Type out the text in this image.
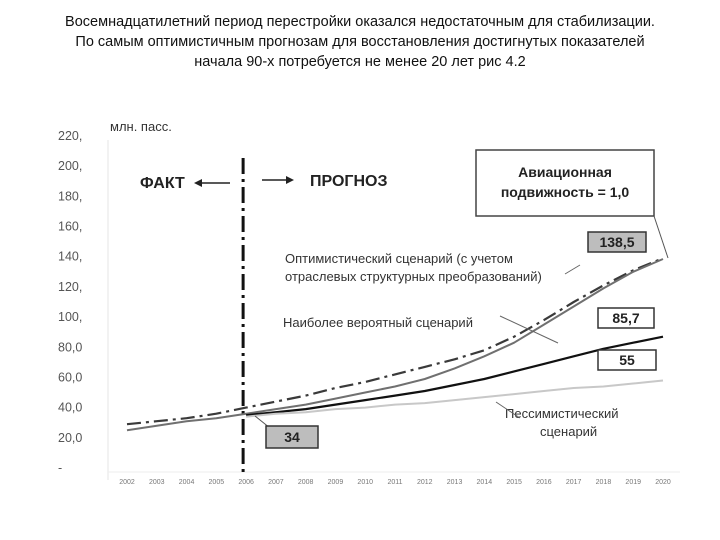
Восемнадцатилетний период перестройки оказался недостаточным для стабилизации.
По самым оптимистичным прогнозам для восстановления достигнутых показателей
начала 90-х потребуется не менее 20 лет рис 4.2
млн. пасс.
-
20,0
40,0
60,0
80,0
100,
120,
140,
160,
180,
200,
220,
2002 2003 2004 2005 2006 2007 2008 2009 2010 2011 2012 2013 2014 2015 2016 2017 2018 2019 2020
ФАКТ	ПРОГНОЗ
Авиационная
подвижность = 1,0
Оптимистический сценарий (с учетом
отраслевых структурных преобразований)
Наиболее вероятный сценарий
Пессимистический
сценарий
138,5
85,7
55
34
